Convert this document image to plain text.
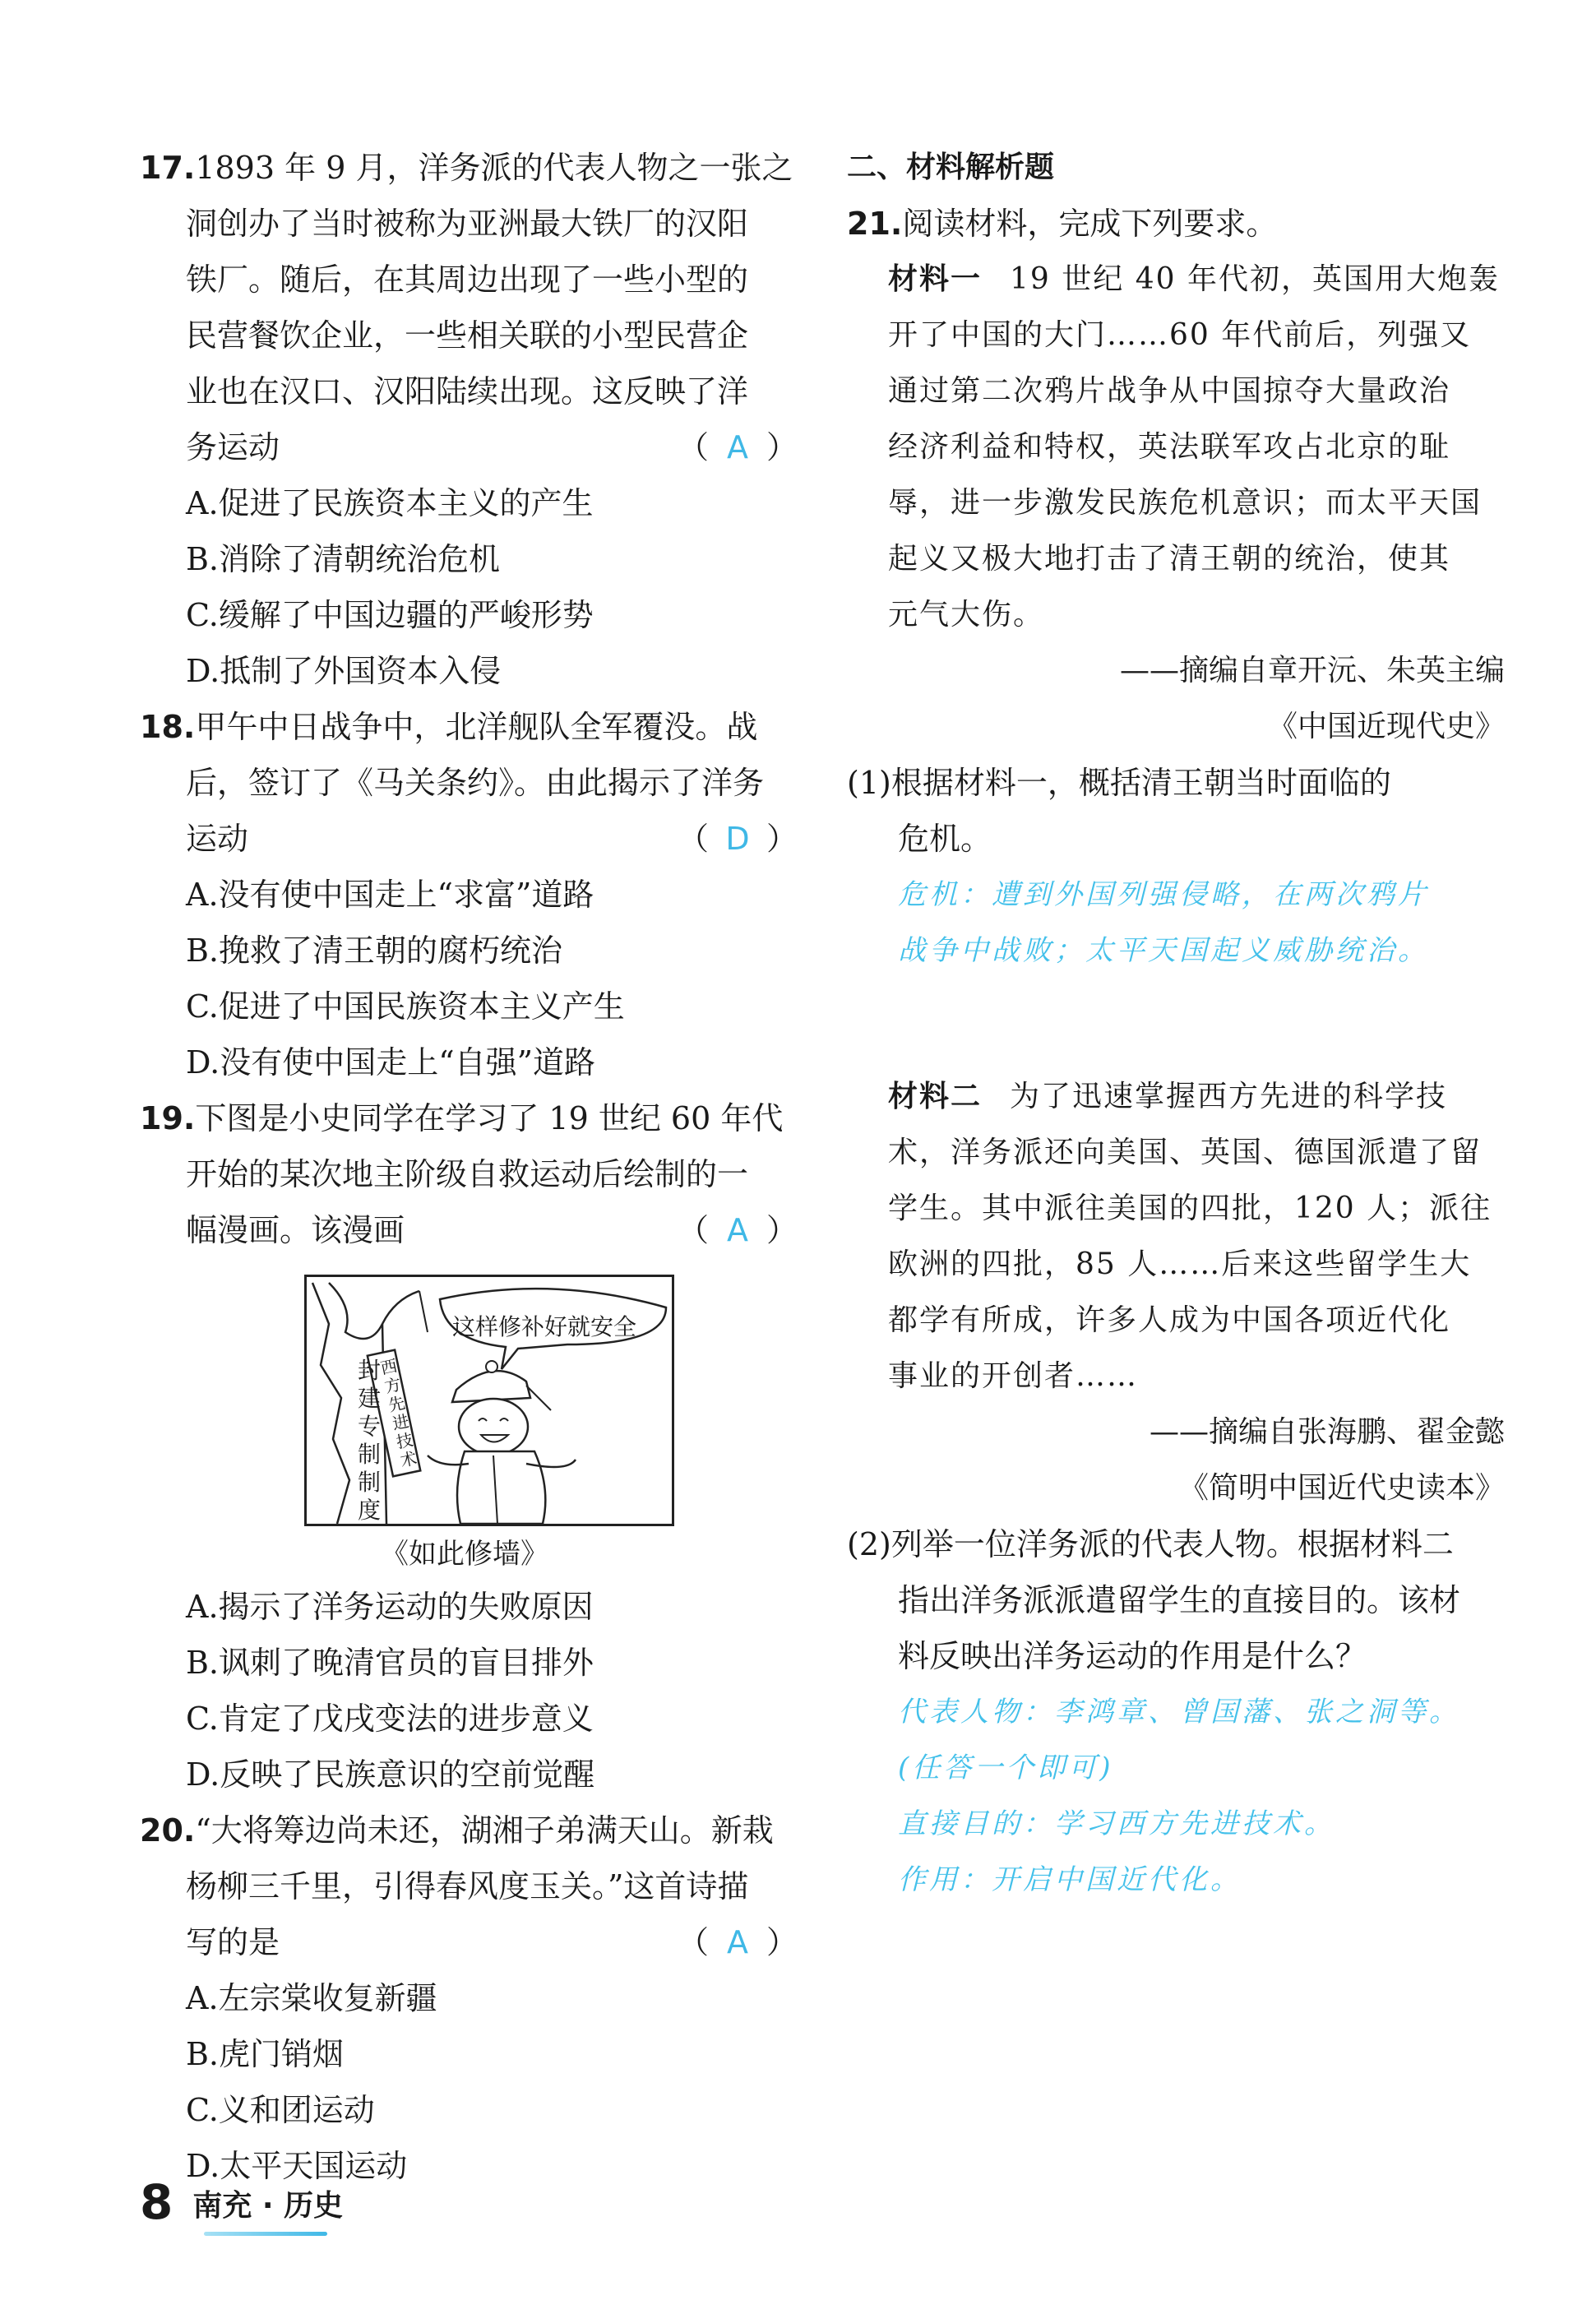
17.1893 年 9 月，洋务派的代表人物之一张之
洞创办了当时被称为亚洲最大铁厂的汉阳
铁厂。随后，在其周边出现了一些小型的
民营餐饮企业，一些相关联的小型民营企
业也在汉口、汉阳陆续出现。这反映了洋
务运动	（ A ）
A.促进了民族资本主义的产生
B.消除了清朝统治危机
C.缓解了中国边疆的严峻形势
D.抵制了外国资本入侵
18.甲午中日战争中，北洋舰队全军覆没。战
后，签订了《马关条约》。由此揭示了洋务
运动	（ D ）
A.没有使中国走上“求富”道路
B.挽救了清王朝的腐朽统治
C.促进了中国民族资本主义产生
D.没有使中国走上“自强”道路
19.下图是小史同学在学习了 19 世纪 60 年代
开始的某次地主阶级自救运动后绘制的一
幅漫画。该漫画	（ A ）
这样修补好就安全
封建专制制度
西方先进技术
《如此修墙》
A.揭示了洋务运动的失败原因
B.讽刺了晚清官员的盲目排外
C.肯定了戊戌变法的进步意义
D.反映了民族意识的空前觉醒
20.“大将筹边尚未还，湖湘子弟满天山。新栽
杨柳三千里，引得春风度玉关。”这首诗描
写的是	（ A ）
A.左宗棠收复新疆
B.虎门销烟
C.义和团运动
D.太平天国运动
二、材料解析题
21.阅读材料，完成下列要求。
材料一 19 世纪 40 年代初，英国用大炮轰
开了中国的大门……60 年代前后，列强又
通过第二次鸦片战争从中国掠夺大量政治
经济利益和特权，英法联军攻占北京的耻
辱，进一步激发民族危机意识；而太平天国
起义又极大地打击了清王朝的统治，使其
元气大伤。
——摘编自章开沅、朱英主编
《中国近现代史》
(1)根据材料一，概括清王朝当时面临的
危机。
危机：遭到外国列强侵略，在两次鸦片
战争中战败；太平天国起义威胁统治。
材料二 为了迅速掌握西方先进的科学技
术，洋务派还向美国、英国、德国派遣了留
学生。其中派往美国的四批，120 人；派往
欧洲的四批，85 人……后来这些留学生大
都学有所成，许多人成为中国各项近代化
事业的开创者……
——摘编自张海鹏、翟金懿
《简明中国近代史读本》
(2)列举一位洋务派的代表人物。根据材料二
指出洋务派派遣留学生的直接目的。该材
料反映出洋务运动的作用是什么？
代表人物：李鸿章、曾国藩、张之洞等。
(任答一个即可)
直接目的：学习西方先进技术。
作用：开启中国近代化。
8 南充 · 历史
